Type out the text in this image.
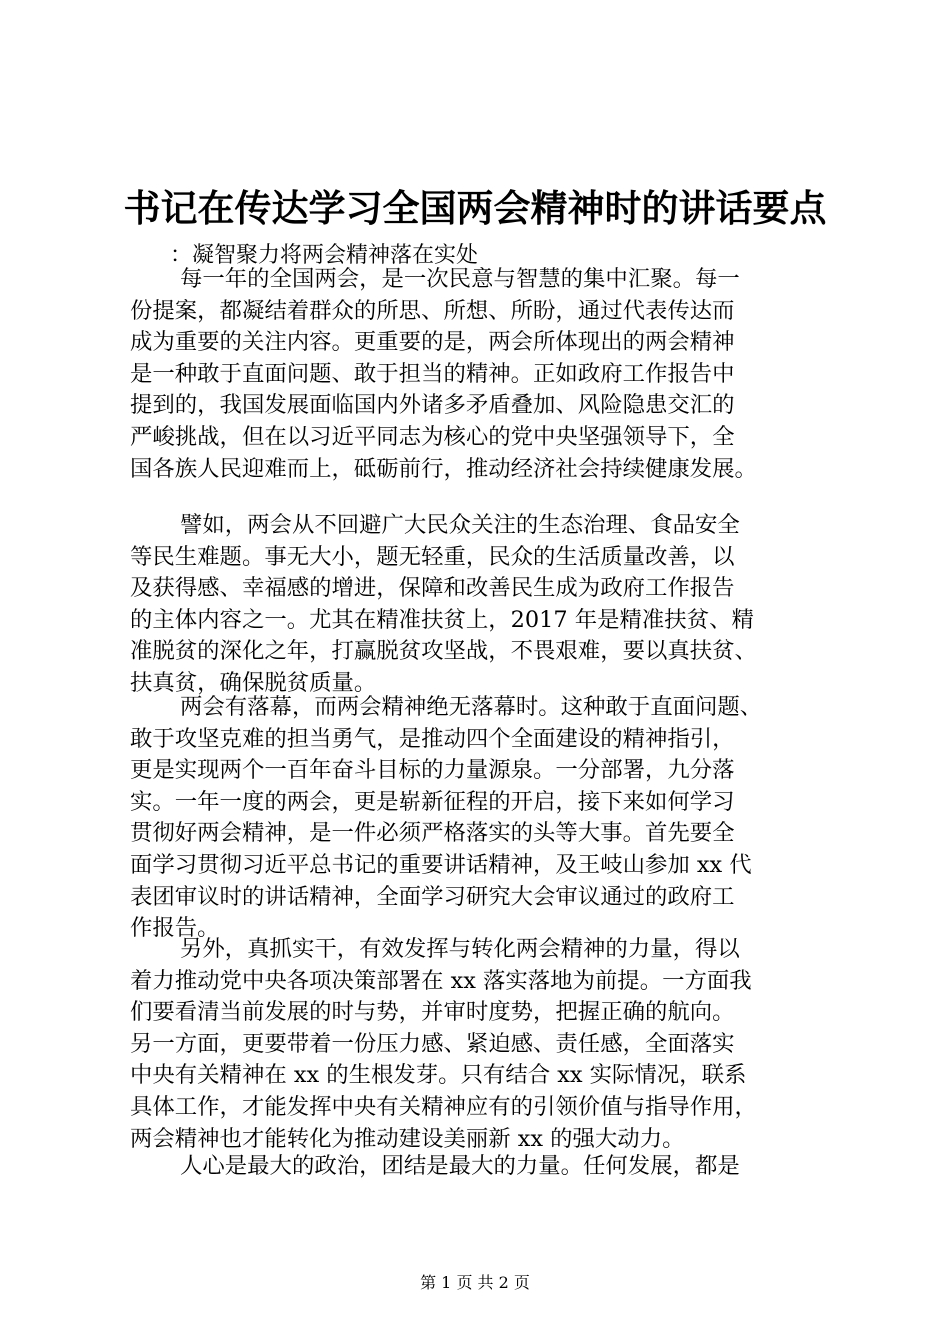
书记在传达学习全国两会精神时的讲话要点
：凝智聚力将两会精神落在实处
每一年的全国两会，是一次民意与智慧的集中汇聚。每一
份提案，都凝结着群众的所思、所想、所盼，通过代表传达而
成为重要的关注内容。更重要的是，两会所体现出的两会精神
是一种敢于直面问题、敢于担当的精神。正如政府工作报告中
提到的，我国发展面临国内外诸多矛盾叠加、风险隐患交汇的
严峻挑战，但在以习近平同志为核心的党中央坚强领导下，全
国各族人民迎难而上，砥砺前行，推动经济社会持续健康发展。
譬如，两会从不回避广大民众关注的生态治理、食品安全
等民生难题。事无大小，题无轻重，民众的生活质量改善，以
及获得感、幸福感的增进，保障和改善民生成为政府工作报告
的主体内容之一。尤其在精准扶贫上，2017 年是精准扶贫、精
准脱贫的深化之年，打赢脱贫攻坚战，不畏艰难，要以真扶贫、
扶真贫，确保脱贫质量。
两会有落幕，而两会精神绝无落幕时。这种敢于直面问题、
敢于攻坚克难的担当勇气，是推动四个全面建设的精神指引，
更是实现两个一百年奋斗目标的力量源泉。一分部署，九分落
实。一年一度的两会，更是崭新征程的开启，接下来如何学习
贯彻好两会精神，是一件必须严格落实的头等大事。首先要全
面学习贯彻习近平总书记的重要讲话精神，及王岐山参加 xx 代
表团审议时的讲话精神，全面学习研究大会审议通过的政府工
作报告。
另外，真抓实干，有效发挥与转化两会精神的力量，得以
着力推动党中央各项决策部署在 xx 落实落地为前提。一方面我
们要看清当前发展的时与势，并审时度势，把握正确的航向。
另一方面，更要带着一份压力感、紧迫感、责任感，全面落实
中央有关精神在 xx 的生根发芽。只有结合 xx 实际情况，联系
具体工作，才能发挥中央有关精神应有的引领价值与指导作用，
两会精神也才能转化为推动建设美丽新 xx 的强大动力。
人心是最大的政治，团结是最大的力量。任何发展，都是
第 1 页 共 2 页
